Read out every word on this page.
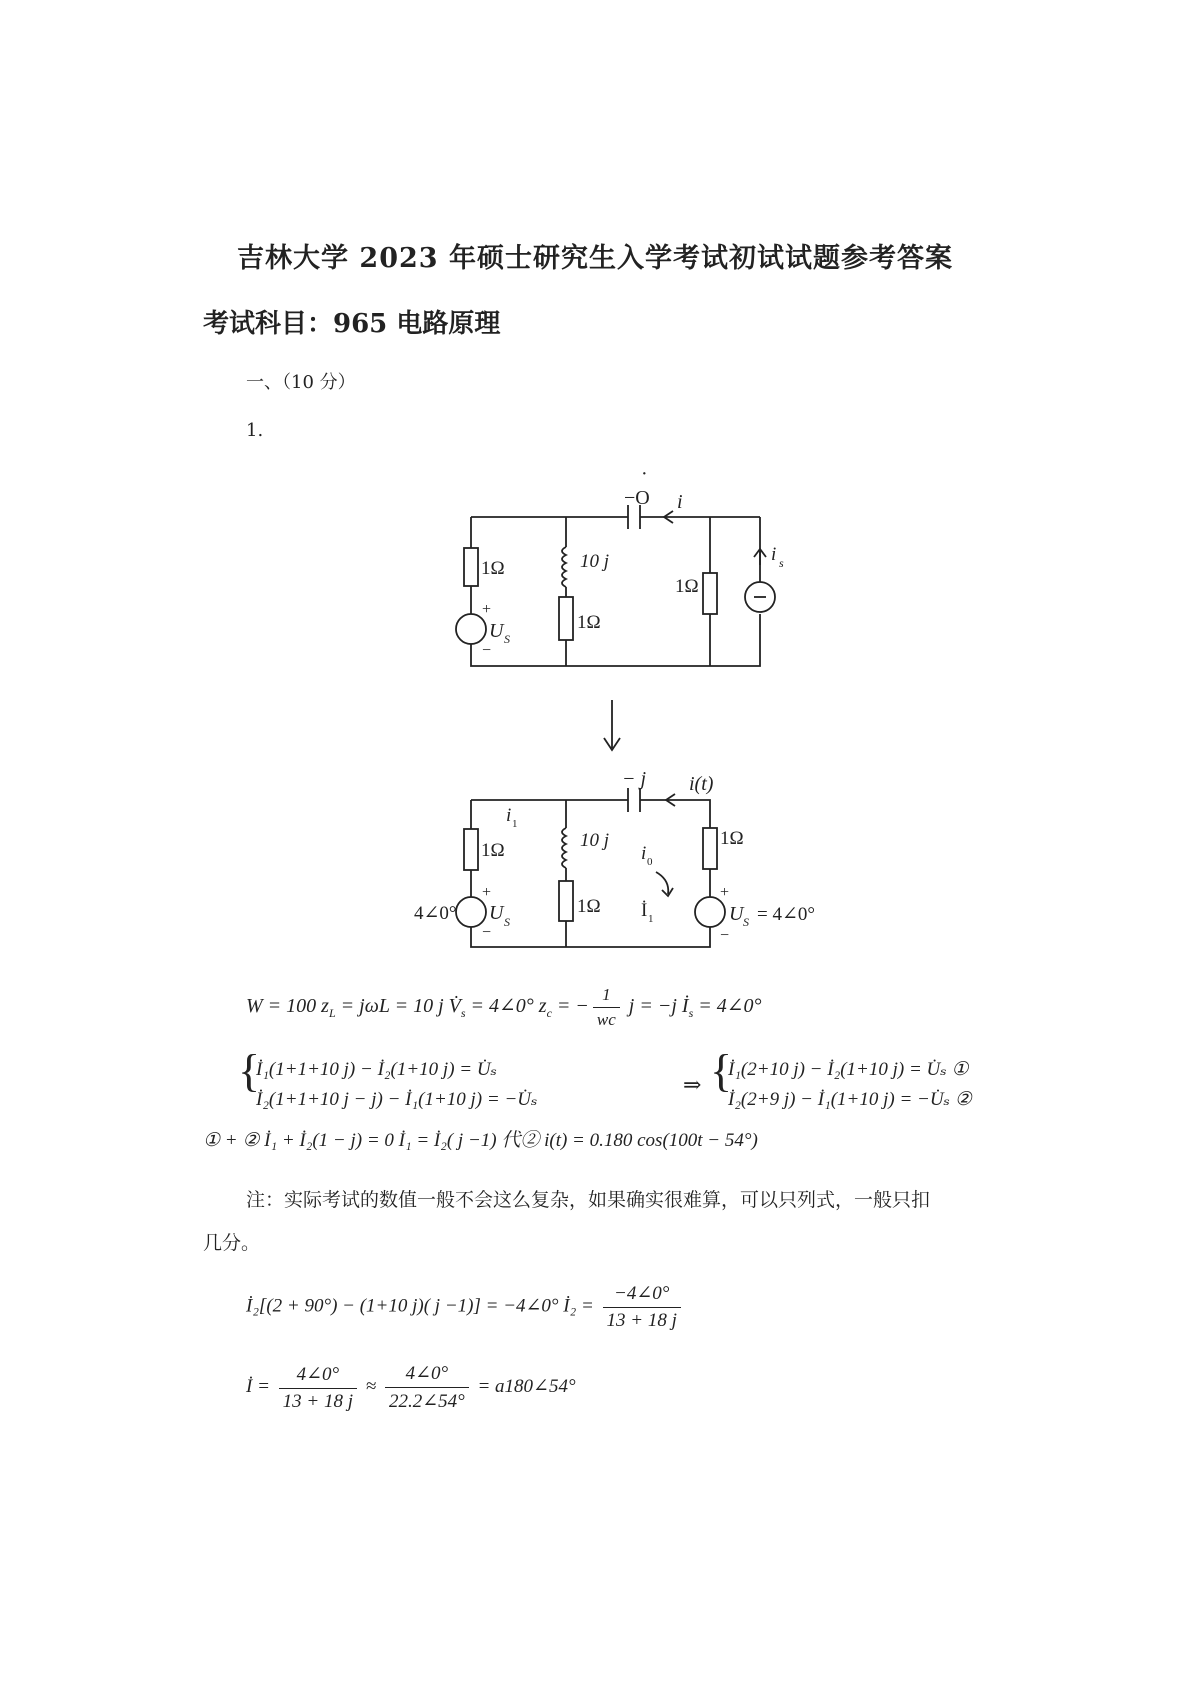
吉林大学 2023 年硕士研究生入学考试初试试题参考答案
考试科目：965 电路原理
一、（10 分）
1.
−O
·
i
1Ω	10 j
1Ω
1Ω
i s
+
−
U S
− j i(t)
i 1
1Ω	10 j
1Ω
1Ω
i 0
İ 1
4∠0°
+
−
U S
+
−
U S = 4∠0°
W = 100 $z_L = j\omega L = 10$ j $V̇_s$ = 4∠0° $z_c$ = − $\frac{1}{wc}$ j = −j $İ_s$ = 4∠0°
{
İ₁(1+1+10 j) − İ₂(1+10 j) = U̇ₛ
İ₂(1+1+10 j − j) − İ₁(1+10 j) = −U̇ₛ
⇒ {
İ₁(2+10 j) − İ₂(1+10 j) = U̇ₛ ①
İ₂(2+9 j) − İ₁(1+10 j) = −U̇ₛ ②
① + ② İ₁ + İ₂(1 − j) = 0 İ₁ = İ₂( j −1) 代② i(t) = 0.180 cos(100t − 54°)
注：实际考试的数值一般不会这么复杂，如果确实很难算，可以只列式，一般只扣
几分。
İ₂[(2 + 90°) − (1+10 j)( j −1)] = −4∠0° İ₂ = $\frac{-4\angle 0^\circ}{13 + 18 j}$
İ = $\frac{4\angle 0^\circ}{13 + 18 j} \approx \frac{4\angle 0^\circ}{22.2\angle 54^\circ}$ = a180∠54°
